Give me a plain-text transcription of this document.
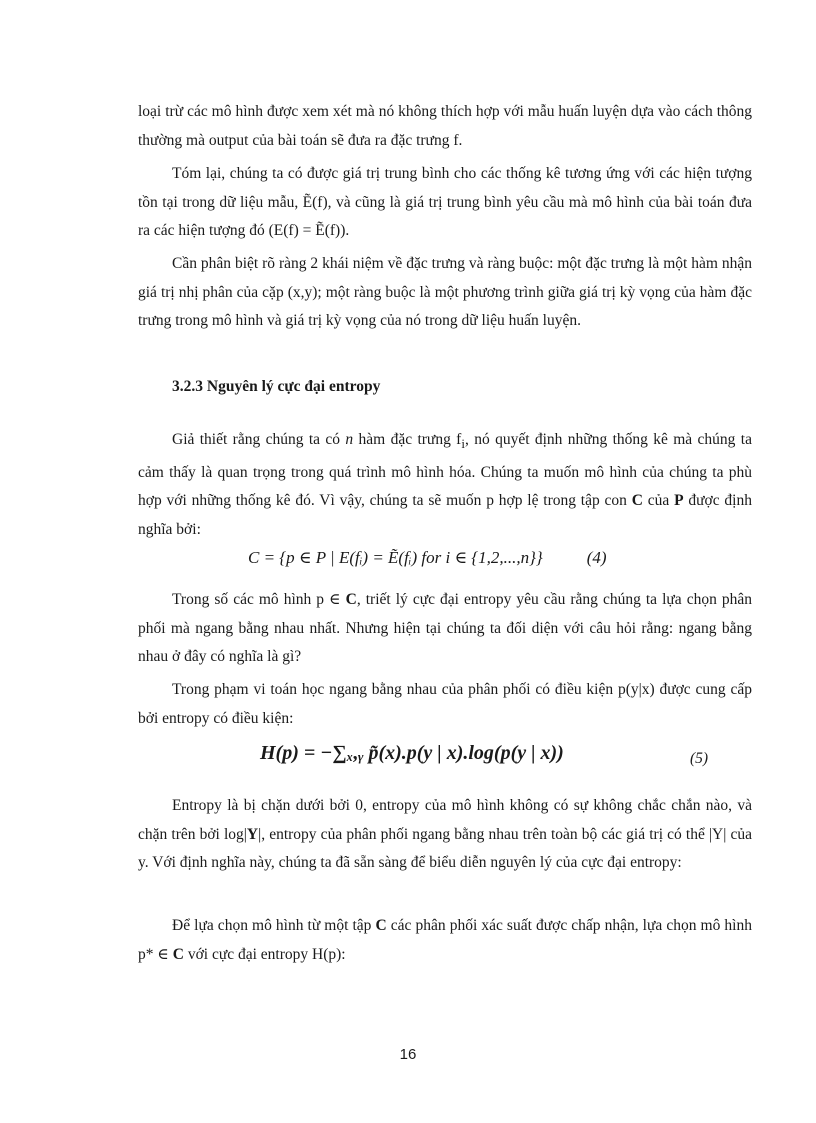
loại trừ các mô hình được xem xét mà nó không thích hợp với mẫu huấn luyện dựa vào cách thông thường mà output của bài toán sẽ đưa ra đặc trưng f.

Tóm lại, chúng ta có được giá trị trung bình cho các thống kê tương ứng với các hiện tượng tồn tại trong dữ liệu mẫu, Ẽ(f), và cũng là giá trị trung bình yêu cầu mà mô hình của bài toán đưa ra các hiện tượng đó (E(f) = Ẽ(f)).

Cần phân biệt rõ ràng 2 khái niệm về đặc trưng và ràng buộc: một đặc trưng là một hàm nhận giá trị nhị phân của cặp (x,y); một ràng buộc là một phương trình giữa giá trị kỳ vọng của hàm đặc trưng trong mô hình và giá trị kỳ vọng của nó trong dữ liệu huấn luyện.

3.2.3 Nguyên lý cực đại entropy

Giả thiết rằng chúng ta có n hàm đặc trưng $f_i$, nó quyết định những thống kê mà chúng ta cảm thấy là quan trọng trong quá trình mô hình hóa. Chúng ta muốn mô hình của chúng ta phù hợp với những thống kê đó. Vì vậy, chúng ta sẽ muốn p hợp lệ trong tập con C của P được định nghĩa bởi:

C = {p ∈ P | E(fᵢ) = Ẽ(fᵢ) for i ∈ {1,2,...,n}}	(4)

Trong số các mô hình p ∈ C, triết lý cực đại entropy yêu cầu rằng chúng ta lựa chọn phân phối mà ngang bằng nhau nhất. Nhưng hiện tại chúng ta đối diện với câu hỏi rằng: ngang bằng nhau ở đây có nghĩa là gì?

Trong phạm vi toán học ngang bằng nhau của phân phối có điều kiện p(y|x) được cung cấp bởi entropy có điều kiện:

H(p) = −∑ₓ,ᵧ p̃(x).p(y | x).log(p(y | x))	(5)

Entropy là bị chặn dưới bởi 0, entropy của mô hình không có sự không chắc chắn nào, và chặn trên bởi log|Y|, entropy của phân phối ngang bằng nhau trên toàn bộ các giá trị có thể |Y| của y. Với định nghĩa này, chúng ta đã sẵn sàng để biểu diễn nguyên lý của cực đại entropy:

Để lựa chọn mô hình từ một tập C các phân phối xác suất được chấp nhận, lựa chọn mô hình p* ∈ C với cực đại entropy H(p):

16
